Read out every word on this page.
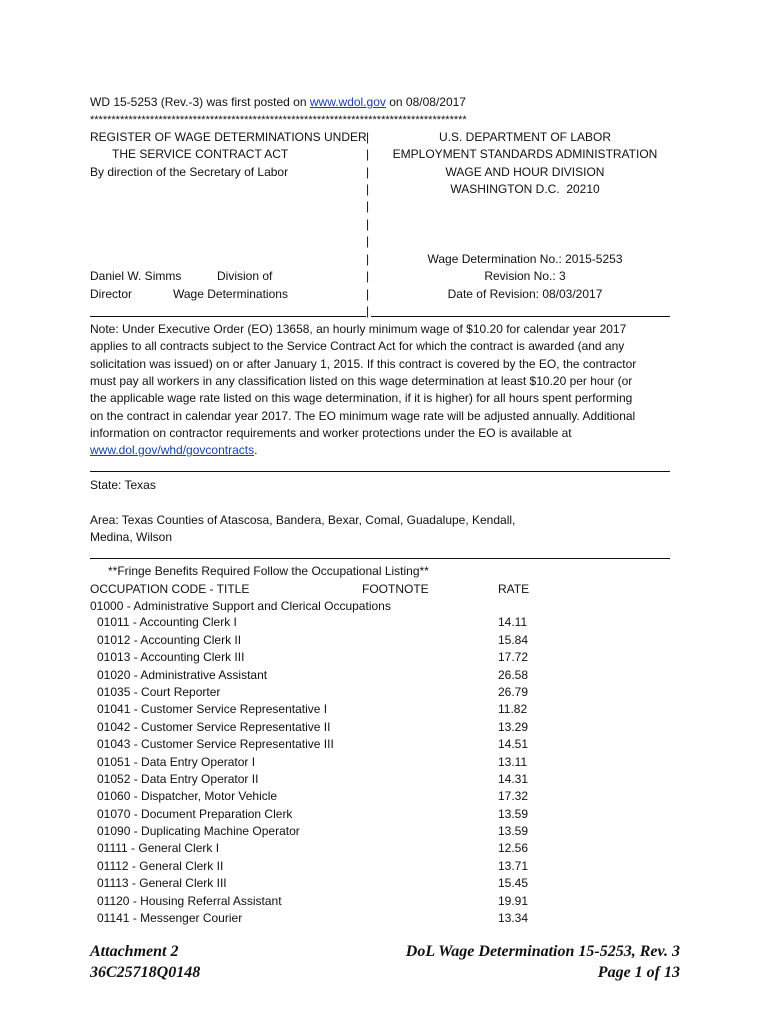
WD 15-5253 (Rev.-3) was first posted on www.wdol.gov on 08/08/2017
****************************************************************************************
REGISTER OF WAGE DETERMINATIONS UNDER
THE SERVICE CONTRACT ACT
By direction of the Secretary of Labor
Daniel W. Simms
Director
Division of
Wage Determinations
|
|
|
|
|
|
|
|
|
|
U.S. DEPARTMENT OF LABOR
EMPLOYMENT STANDARDS ADMINISTRATION
WAGE AND HOUR DIVISION
WASHINGTON D.C.  20210
Wage Determination No.: 2015-5253
Revision No.: 3
Date of Revision: 08/03/2017
|
Note: Under Executive Order (EO) 13658, an hourly minimum wage of $10.20 for calendar year 2017
applies to all contracts subject to the Service Contract Act for which the contract is awarded (and any
solicitation was issued) on or after January 1, 2015. If this contract is covered by the EO, the contractor
must pay all workers in any classification listed on this wage determination at least $10.20 per hour (or
the applicable wage rate listed on this wage determination, if it is higher) for all hours spent performing
on the contract in calendar year 2017. The EO minimum wage rate will be adjusted annually. Additional
information on contractor requirements and worker protections under the EO is available at
www.dol.gov/whd/govcontracts.
State: Texas
Area: Texas Counties of Atascosa, Bandera, Bexar, Comal, Guadalupe, Kendall,
Medina, Wilson
**Fringe Benefits Required Follow the Occupational Listing**
OCCUPATION CODE - TITLE	FOOTNOTE	RATE
01000 - Administrative Support and Clerical Occupations
01011 - Accounting Clerk I	14.11
01012 - Accounting Clerk II	15.84
01013 - Accounting Clerk III	17.72
01020 - Administrative Assistant	26.58
01035 - Court Reporter	26.79
01041 - Customer Service Representative I	11.82
01042 - Customer Service Representative II	13.29
01043 - Customer Service Representative III	14.51
01051 - Data Entry Operator I	13.11
01052 - Data Entry Operator II	14.31
01060 - Dispatcher, Motor Vehicle	17.32
01070 - Document Preparation Clerk	13.59
01090 - Duplicating Machine Operator	13.59
01111 - General Clerk I	12.56
01112 - General Clerk II	13.71
01113 - General Clerk III	15.45
01120 - Housing Referral Assistant	19.91
01141 - Messenger Courier	13.34
Attachment 2
36C25718Q0148
DoL Wage Determination 15-5253, Rev. 3
Page 1 of 13
